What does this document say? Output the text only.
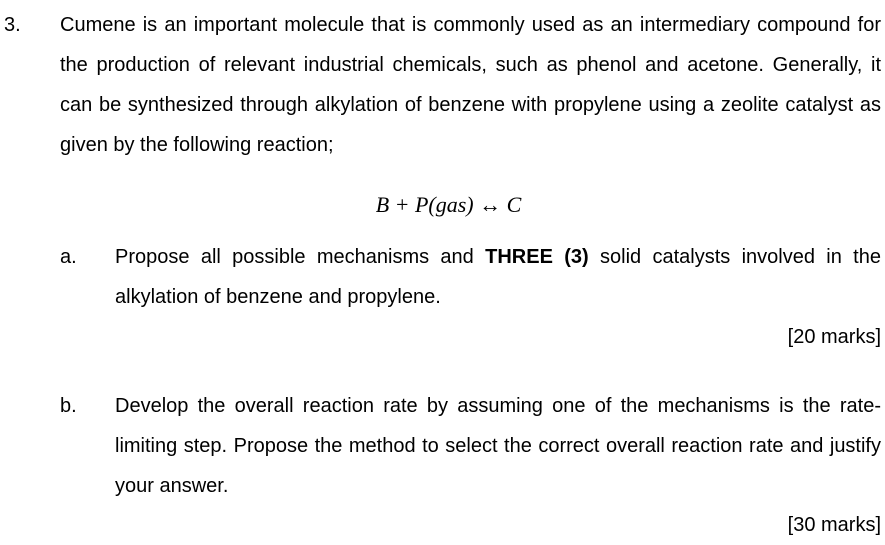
3. Cumene is an important molecule that is commonly used as an intermediary compound for the production of relevant industrial chemicals, such as phenol and acetone. Generally, it can be synthesized through alkylation of benzene with propylene using a zeolite catalyst as given by the following reaction;
B + P(gas) ↔ C
a. Propose all possible mechanisms and THREE (3) solid catalysts involved in the alkylation of benzene and propylene.
[20 marks]
b. Develop the overall reaction rate by assuming one of the mechanisms is the rate-limiting step. Propose the method to select the correct overall reaction rate and justify your answer.
[30 marks]
